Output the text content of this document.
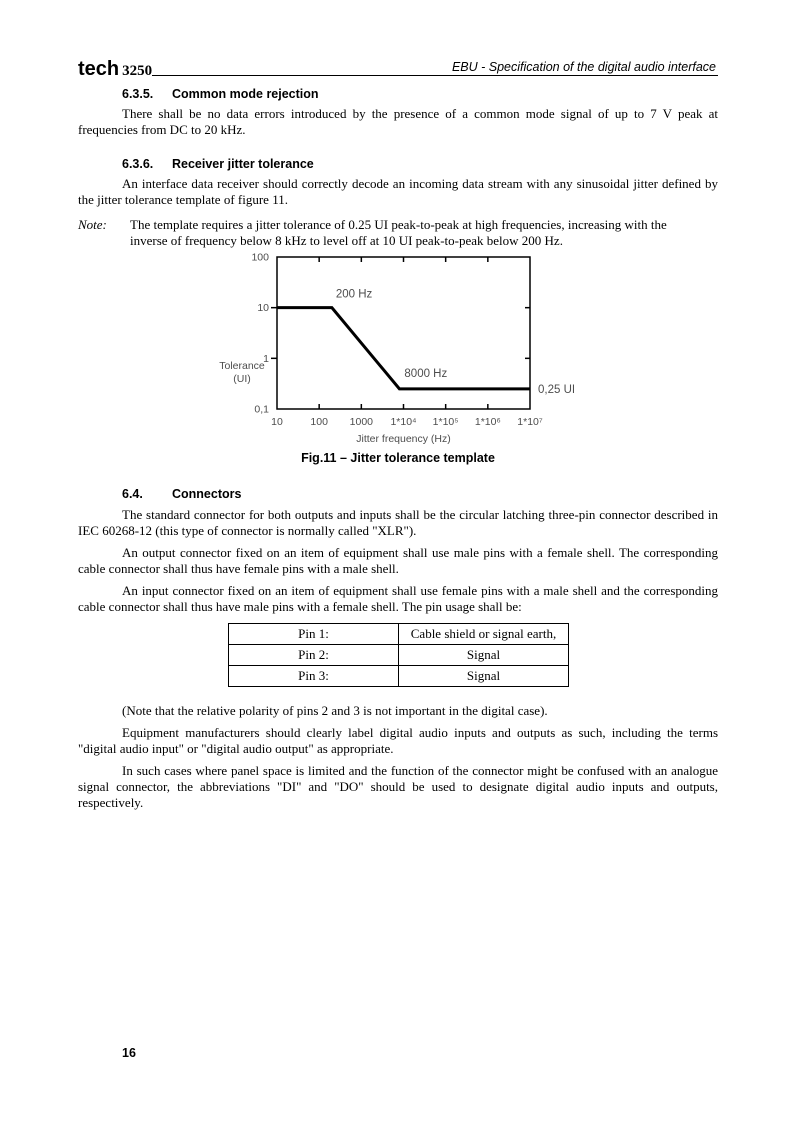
tech 3250	EBU - Specification of the digital audio interface
6.3.5. Common mode rejection

There shall be no data errors introduced by the presence of a common mode signal of up to 7 V peak at frequencies from DC to 20 kHz.

6.3.6. Receiver jitter tolerance

An interface data receiver should correctly decode an incoming data stream with any sinusoidal jitter defined by the jitter tolerance template of figure 11.

Note:	The template requires a jitter tolerance of 0.25 UI peak-to-peak at high frequencies, increasing with the inverse of frequency below 8 kHz to level off at 10 UI peak-to-peak below 200 Hz.
10	100 1000 1*10⁴ 1*10⁵ 1*10⁶ 1*10⁷
100
10
1
0,1
200 Hz
8000 Hz
0,25 UI
Tolerance
(UI)
Jitter frequency (Hz)
Fig.11 – Jitter tolerance template
6.4. Connectors

The standard connector for both outputs and inputs shall be the circular latching three-pin connector described in IEC 60268-12 (this type of connector is normally called "XLR").

An output connector fixed on an item of equipment shall use male pins with a female shell. The corresponding cable connector shall thus have female pins with a male shell.

An input connector fixed on an item of equipment shall use female pins with a male shell and the corresponding cable connector shall thus have male pins with a female shell. The pin usage shall be:

Pin 1:	Cable shield or signal earth,
Pin 2:	Signal
Pin 3:	Signal

(Note that the relative polarity of pins 2 and 3 is not important in the digital case).

Equipment manufacturers should clearly label digital audio inputs and outputs as such, including the terms "digital audio input" or "digital audio output" as appropriate.

In such cases where panel space is limited and the function of the connector might be confused with an analogue signal connector, the abbreviations "DI" and "DO" should be used to designate digital audio inputs and outputs, respectively.

16
